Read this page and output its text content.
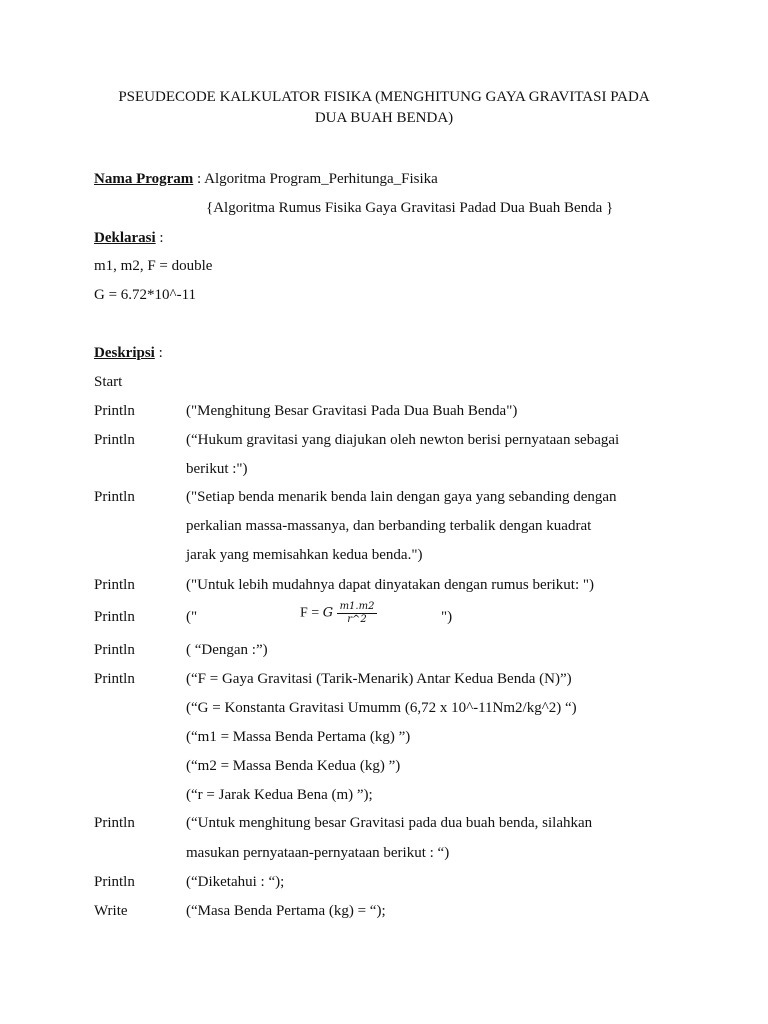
PSEUDECODE KALKULATOR FISIKA (MENGHITUNG GAYA GRAVITASI PADA
DUA BUAH BENDA)
Nama Program : Algoritma Program_Perhitunga_Fisika
{Algoritma Rumus Fisika Gaya Gravitasi Padad Dua Buah Benda }
Deklarasi :
m1, m2, F = double
G = 6.72*10^-11
Deskripsi :
Start
Println	("Menghitung Besar Gravitasi Pada Dua Buah Benda")
Println	(“Hukum gravitasi yang diajukan oleh newton berisi pernyataan sebagai
berikut :")
Println	("Setiap benda menarik benda lain dengan gaya yang sebanding dengan
perkalian massa-massanya, dan berbanding terbalik dengan kuadrat
jarak yang memisahkan kedua benda.")
Println	("Untuk lebih mudahnya dapat dinyatakan dengan rumus berikut: ")
Println	("	F = G $\frac{m1.m2}{r\^{}2}$	")
Println	( “Dengan :”)
Println	(“F = Gaya Gravitasi (Tarik-Menarik) Antar Kedua Benda (N)”)
(“G = Konstanta Gravitasi Umumm (6,72 x 10^-11Nm2/kg^2) “)
(“m1 = Massa Benda Pertama (kg) ”)
(“m2 = Massa Benda Kedua (kg) ”)
(“r = Jarak Kedua Bena (m) ”);
Println	(“Untuk menghitung besar Gravitasi pada dua buah benda, silahkan
masukan pernyataan-pernyataan berikut : “)
Println	(“Diketahui : “);
Write	(“Masa Benda Pertama (kg) = “);
